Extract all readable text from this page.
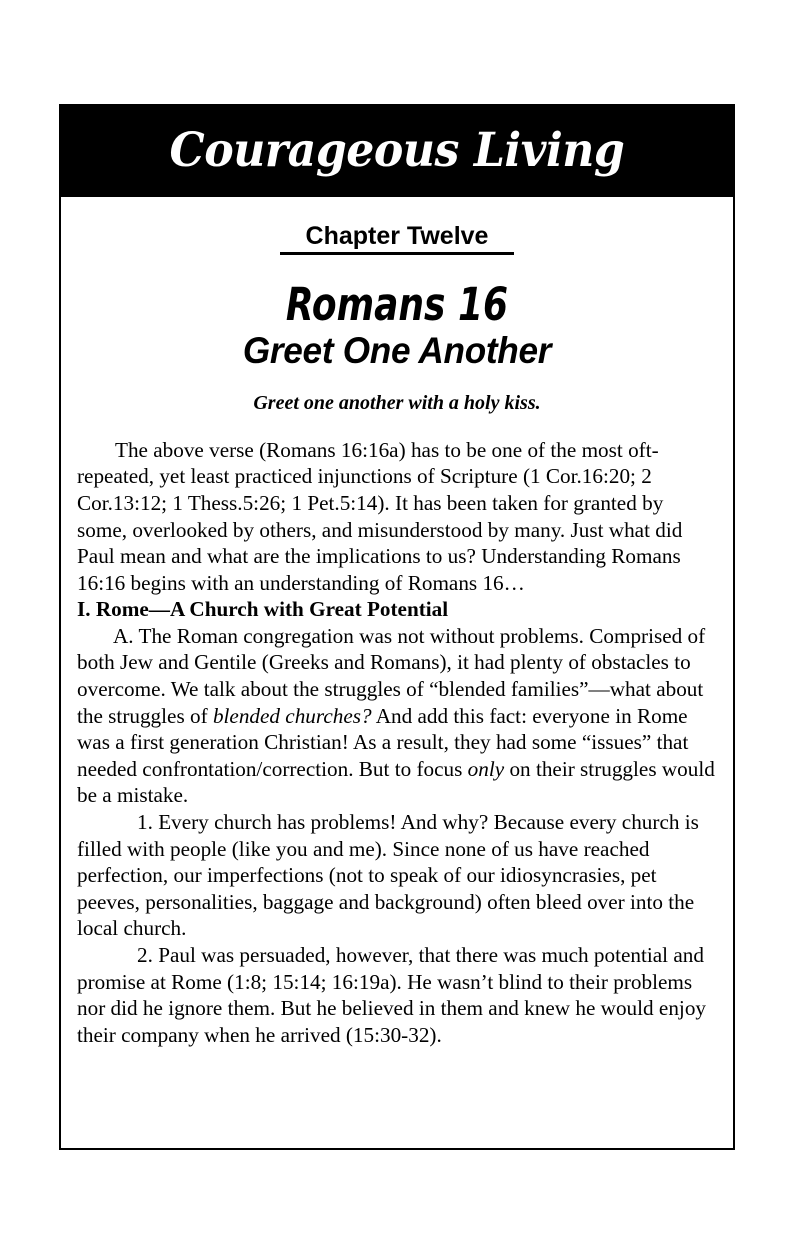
Courageous Living
Chapter Twelve
Romans 16
Greet One Another
Greet one another with a holy kiss.

The above verse (Romans 16:16a) has to be one of the most oft-repeated, yet least practiced injunctions of Scripture (1 Cor.16:20; 2 Cor.13:12; 1 Thess.5:26; 1 Pet.5:14). It has been taken for granted by some, overlooked by others, and misunderstood by many. Just what did Paul mean and what are the implications to us? Understanding Romans 16:16 begins with an understanding of Romans 16…

I. Rome—A Church with Great Potential

A. The Roman congregation was not without problems. Comprised of both Jew and Gentile (Greeks and Romans), it had plenty of obstacles to overcome. We talk about the struggles of “blended families”—what about the struggles of blended churches? And add this fact: everyone in Rome was a first generation Christian! As a result, they had some “issues” that needed confrontation/correction. But to focus only on their struggles would be a mistake.

1. Every church has problems! And why? Because every church is filled with people (like you and me). Since none of us have reached perfection, our imperfections (not to speak of our idiosyncrasies, pet peeves, personalities, baggage and background) often bleed over into the local church.

2. Paul was persuaded, however, that there was much potential and promise at Rome (1:8; 15:14; 16:19a). He wasn’t blind to their problems nor did he ignore them. But he believed in them and knew he would enjoy their company when he arrived (15:30-32).
